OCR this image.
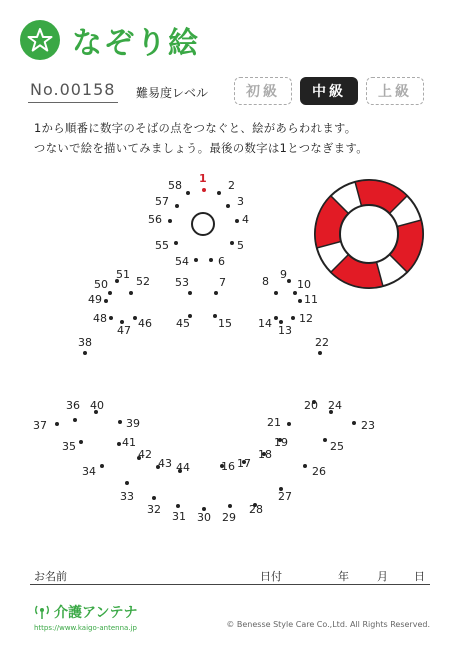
なぞり絵
No.00158 難易度レベル	初級	中級	上級
1から順番に数字のそばの点をつなぐと、絵があらわれます。
つないで絵を描いてみましょう。最後の数字は1とつなぎます。
1
2
3
4
5
6
7	8
9
10
11
12
13
14
15
16 17
18
19
20
21
22
23
24
25
26
27
28
29
30
31
32
33
34
35
36
37
38
39
40
41
42
43 44
45
46
47
48
49
50
51
52 53
54
55
56
57
58
お名前	日付	年	月 日
介護アンテナ
https://www.kaigo-antenna.jp	© Benesse Style Care Co.,Ltd. All Rights Reserved.
